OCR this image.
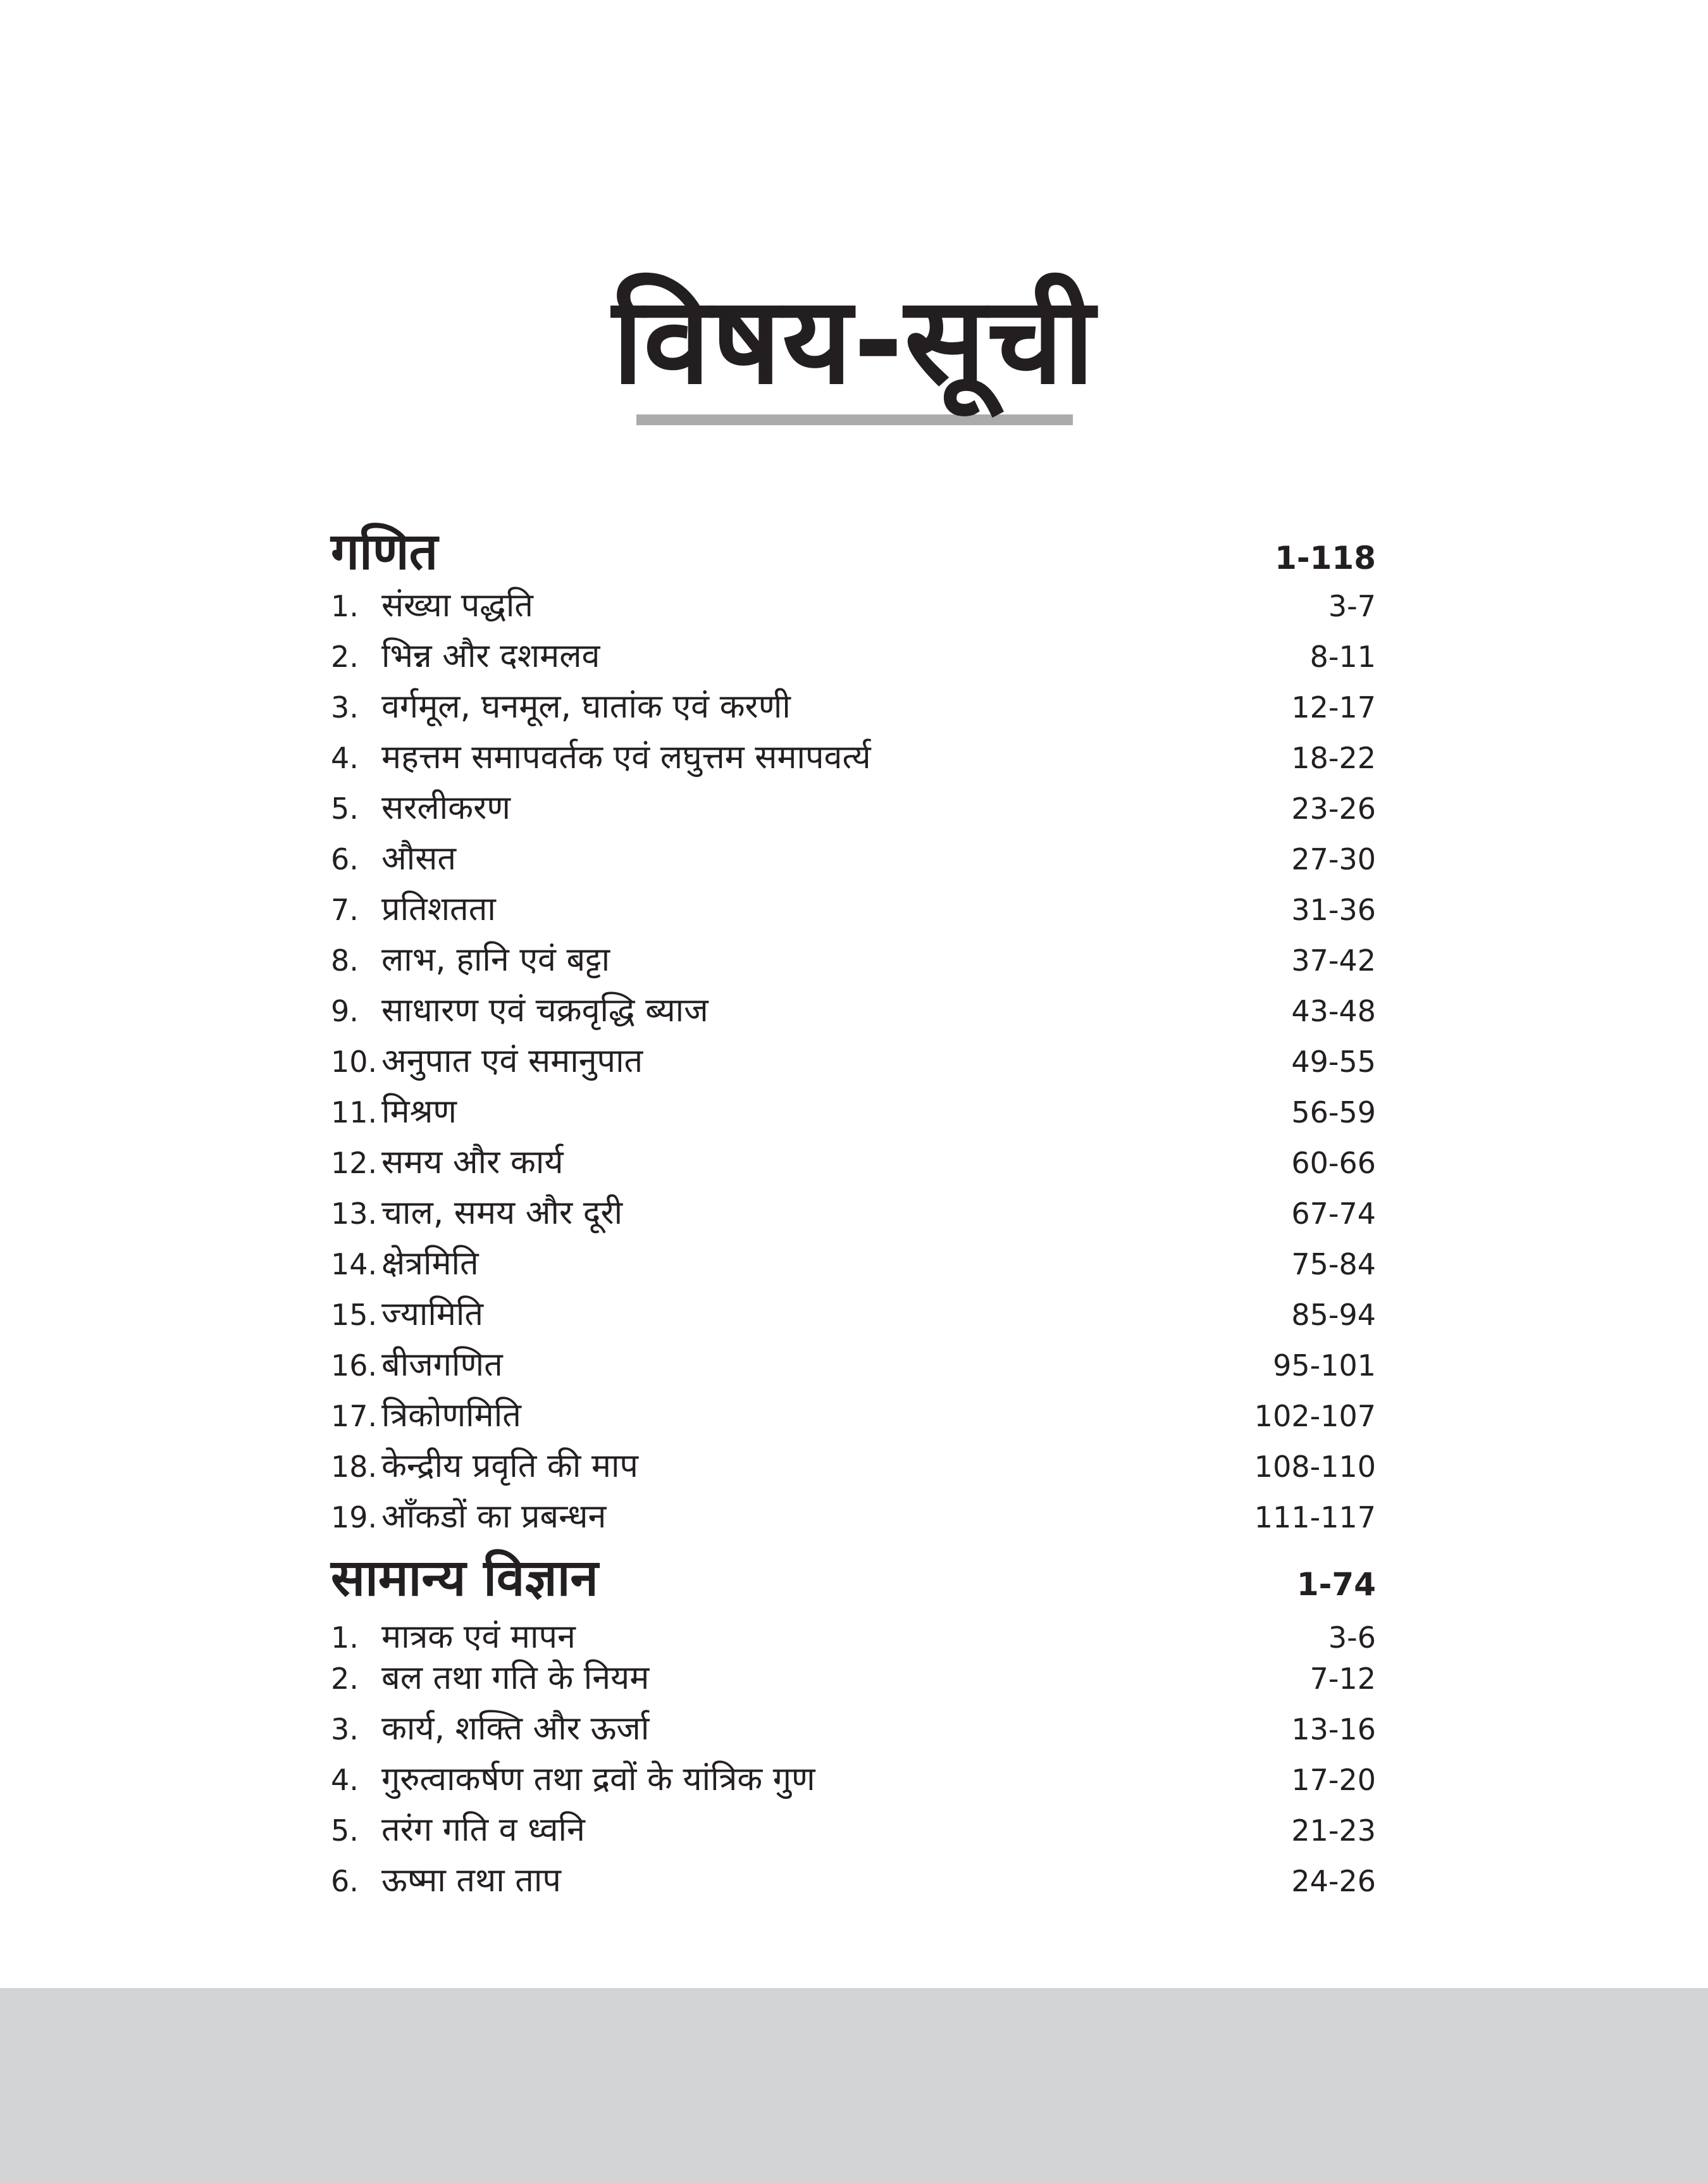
विषय-सूची
गणित	1-118
1. संख्या पद्धति	3-7
2. भिन्न और दशमलव	8-11
3. वर्गमूल, घनमूल, घातांक एवं करणी	12-17
4. महत्तम समापवर्तक एवं लघुत्तम समापवर्त्य	18-22
5. सरलीकरण	23-26
6. औसत	27-30
7. प्रतिशतता	31-36
8. लाभ, हानि एवं बट्टा	37-42
9. साधारण एवं चक्रवृद्धि ब्याज	43-48
10. अनुपात एवं समानुपात	49-55
11. मिश्रण	56-59
12. समय और कार्य	60-66
13. चाल, समय और दूरी	67-74
14. क्षेत्रमिति	75-84
15. ज्यामिति	85-94
16. बीजगणित	95-101
17. त्रिकोणमिति	102-107
18. केन्द्रीय प्रवृति की माप	108-110
19. आँकडों का प्रबन्धन	111-117
सामान्य विज्ञान	1-74
1. मात्रक एवं मापन	3-6
2. बल तथा गति के नियम	7-12
3. कार्य, शक्ति और ऊर्जा	13-16
4. गुरुत्वाकर्षण तथा द्रवों के यांत्रिक गुण	17-20
5. तरंग गति व ध्वनि	21-23
6. ऊष्मा तथा ताप	24-26
